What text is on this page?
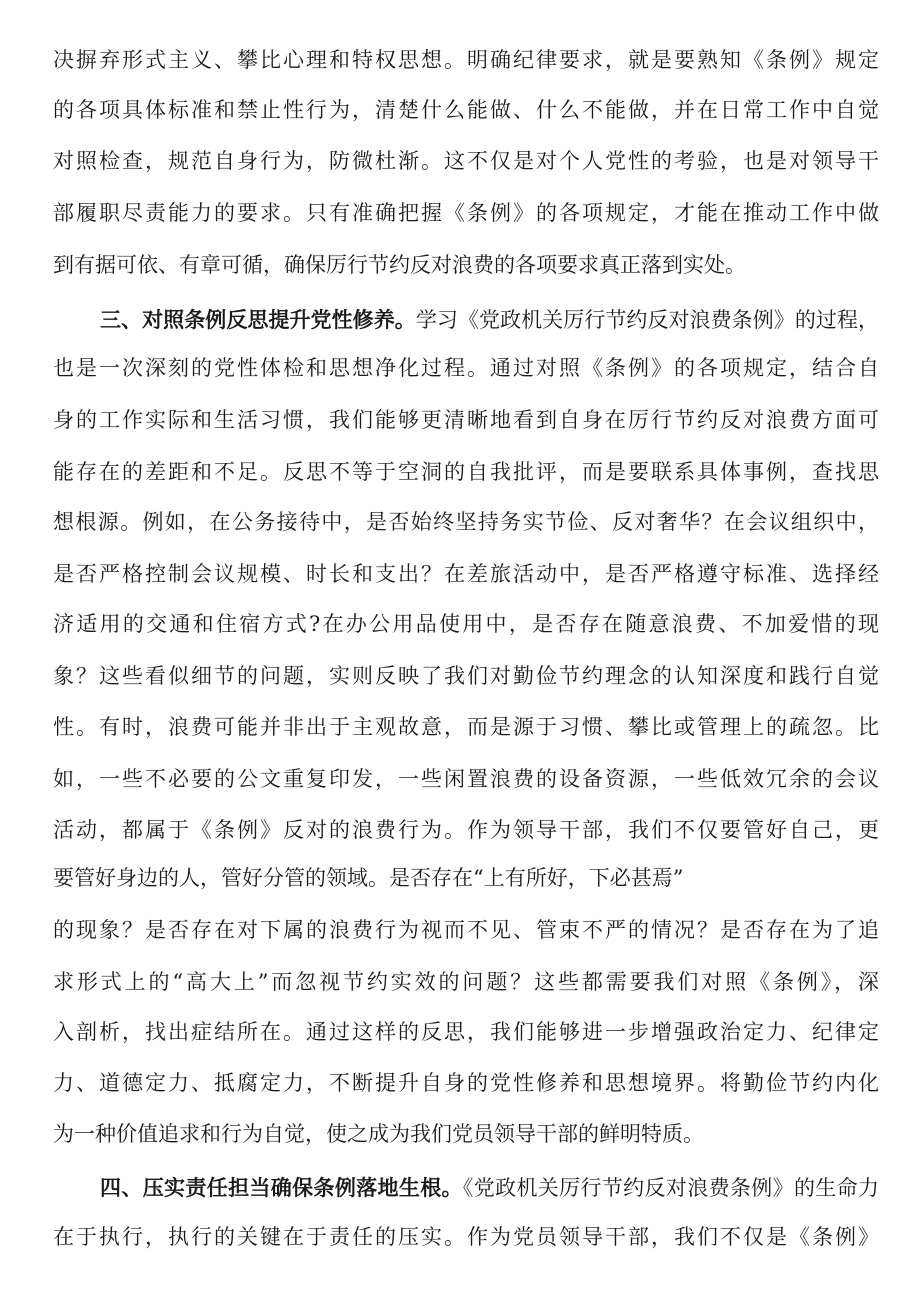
决摒弃形式主义、攀比心理和特权思想。明确纪律要求，就是要熟知《条例》规定
的各项具体标准和禁止性行为，清楚什么能做、什么不能做，并在日常工作中自觉
对照检查，规范自身行为，防微杜渐。这不仅是对个人党性的考验，也是对领导干
部履职尽责能力的要求。只有准确把握《条例》的各项规定，才能在推动工作中做
到有据可依、有章可循，确保厉行节约反对浪费的各项要求真正落到实处。
三、对照条例反思提升党性修养。学习《党政机关厉行节约反对浪费条例》的过程，
也是一次深刻的党性体检和思想净化过程。通过对照《条例》的各项规定，结合自
身的工作实际和生活习惯，我们能够更清晰地看到自身在厉行节约反对浪费方面可
能存在的差距和不足。反思不等于空洞的自我批评，而是要联系具体事例，查找思
想根源。例如，在公务接待中，是否始终坚持务实节俭、反对奢华？在会议组织中，
是否严格控制会议规模、时长和支出？在差旅活动中，是否严格遵守标准、选择经
济适用的交通和住宿方式?在办公用品使用中，是否存在随意浪费、不加爱惜的现
象？这些看似细节的问题，实则反映了我们对勤俭节约理念的认知深度和践行自觉
性。有时，浪费可能并非出于主观故意，而是源于习惯、攀比或管理上的疏忽。比
如，一些不必要的公文重复印发，一些闲置浪费的设备资源，一些低效冗余的会议
活动，都属于《条例》反对的浪费行为。作为领导干部，我们不仅要管好自己，更
要管好身边的人，管好分管的领域。是否存在“上有所好，下必甚焉”
的现象？是否存在对下属的浪费行为视而不见、管束不严的情况？是否存在为了追
求形式上的“高大上”而忽视节约实效的问题？这些都需要我们对照《条例》，深
入剖析，找出症结所在。通过这样的反思，我们能够进一步增强政治定力、纪律定
力、道德定力、抵腐定力，不断提升自身的党性修养和思想境界。将勤俭节约内化
为一种价值追求和行为自觉，使之成为我们党员领导干部的鲜明特质。
四、压实责任担当确保条例落地生根。《党政机关厉行节约反对浪费条例》的生命力
在于执行，执行的关键在于责任的压实。作为党员领导干部，我们不仅是《条例》
